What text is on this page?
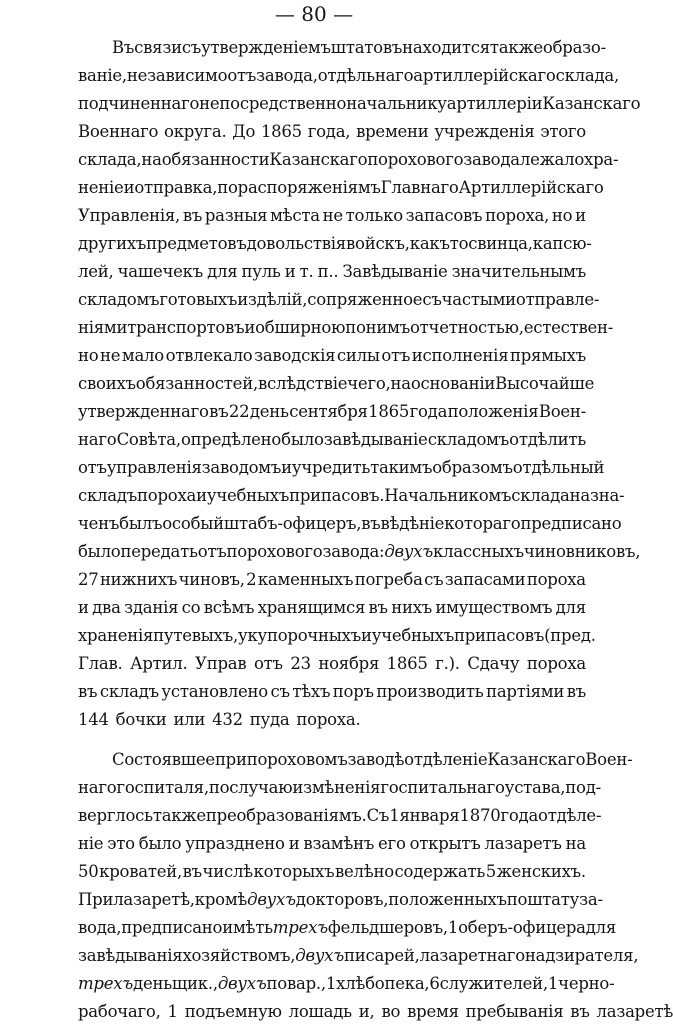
— 80 —
Въ связи съ утвержденіемъ штатовъ находится также образо-
ваніе, независимо отъ завода, отдѣльнаго артиллерійскаго склада,
подчиненнаго непосредственно начальнику артиллеріи Казанскаго
Военнаго округа. До 1865 года, времени учрежденія этого
склада, на обязанности Казанскаго порохового завода лежало хра-
неніе и отправка, по распоряженіямъ Главнаго Артиллерійскаго
Управленія, въ разныя мѣста не только запасовъ пороха, но и
другихъ предметовъ довольствія войскъ, какъ то свинца, капсю-
лей, чашечекъ для пуль и т. п.. Завѣдываніе значительнымъ
складомъ готовыхъ издѣлій, сопряженное съ частыми отправле-
ніями транспортовъ и обширною по нимъ отчетностью, естествен-
но не мало отвлекало заводскія силы отъ исполненія прямыхъ
своихъ обязанностей, вслѣдствіе чего, на основаніи Высочайше
утвержденнаго въ 22 день сентября 1865 года положенія Воен-
наго Совѣта, опредѣлено было завѣдываніе складомъ отдѣлить
отъ управленія заводомъ и учредить такимъ образомъ отдѣльный
складъ пороха и учебныхъ припасовъ. Начальникомъ склада назна-
ченъ былъ особый штабъ-офицеръ, въ вѣдѣніе котораго предписано
было передать отъ порохового завода: двухъ классныхъ чиновниковъ,
27 нижнихъ чиновъ, 2 каменныхъ погреба съ запасами пороха
и два зданія со всѣмъ хранящимся въ нихъ имуществомъ для
храненія путевыхъ, укупорочныхъ и учебныхъ припасовъ (пред.
Глав. Артил. Управ отъ 23 ноября 1865 г.). Сдачу пороха
въ складъ установлено съ тѣхъ поръ производить партіями въ
144 бочки или 432 пуда пороха.
Состоявшее при пороховомъ заводѣ отдѣленіе Казанскаго Воен-
наго госпиталя, по случаю измѣненія госпитальнаго устава, под-
верглось также преобразованіямъ. Съ 1 января 1870 года отдѣле-
ніе это было упразднено и взамѣнъ его открытъ лазаретъ на
50 кроватей, въ числѣ которыхъ велѣно содержать 5 женскихъ.
При лазаретѣ, кромѣ двухъ докторовъ, положенныхъ по штату за-
вода, предписано имѣть трехъ фельдшеровъ, 1 оберъ-офицера для
завѣдыванія хозяйствомъ, двухъ писарей, лазаретнаго надзирателя,
трехъ деньщик., двухъ повар., 1 хлѣбопека, 6 служителей, 1 черно-
рабочаго, 1 подъемную лошадь и, во время пребыванія въ лазаретѣ
